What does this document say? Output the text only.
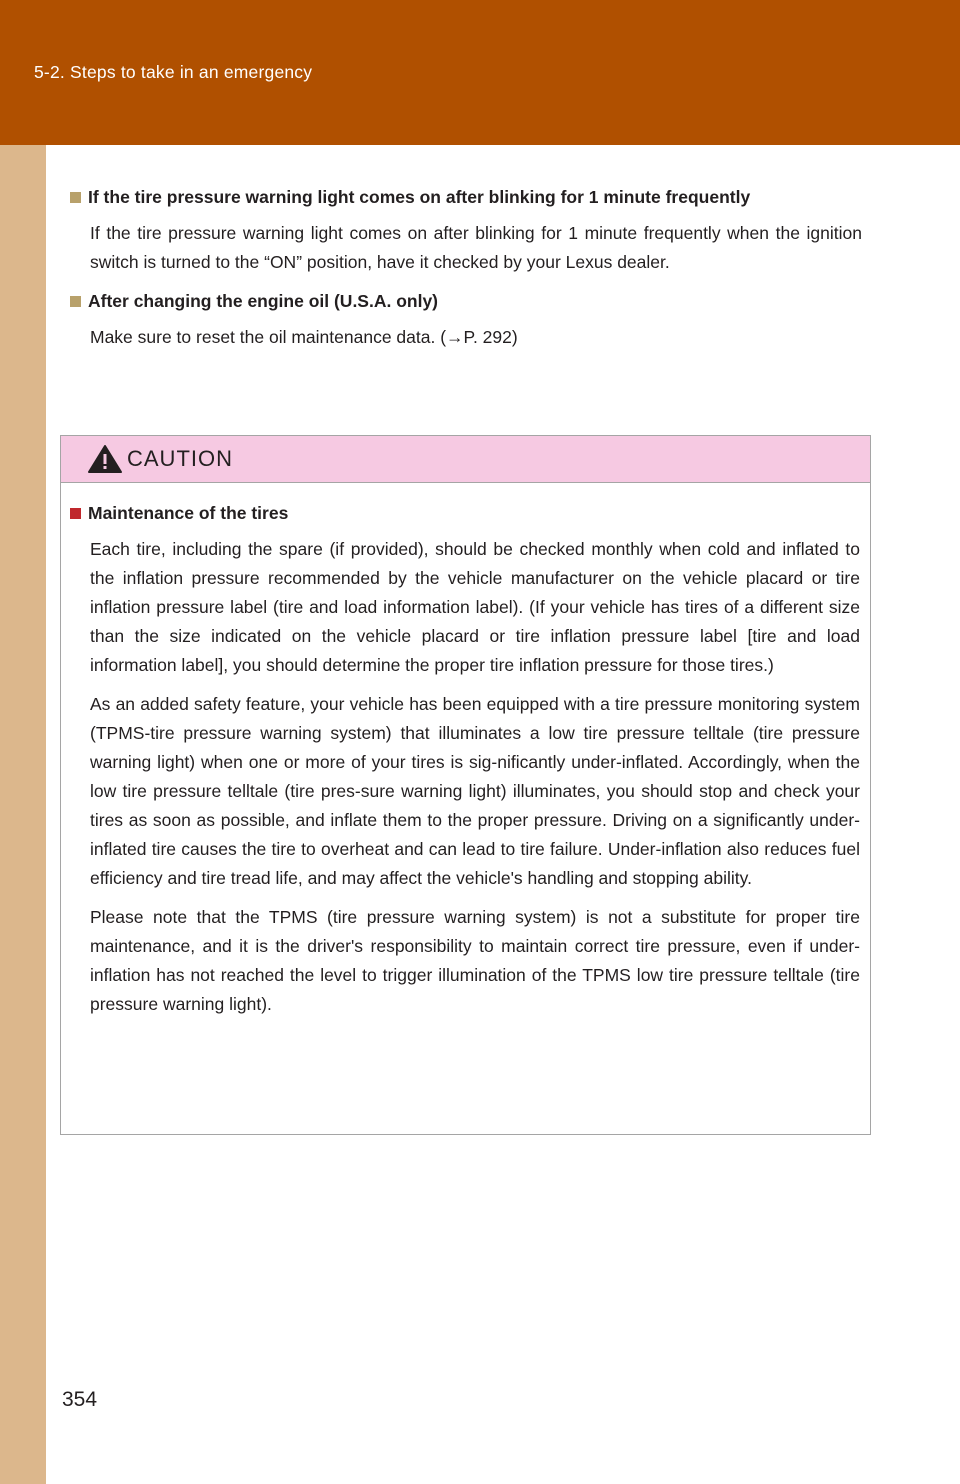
5-2. Steps to take in an emergency
If the tire pressure warning light comes on after blinking for 1 minute frequently
If the tire pressure warning light comes on after blinking for 1 minute frequently when the ignition switch is turned to the “ON” position, have it checked by your Lexus dealer.
After changing the engine oil (U.S.A. only)
Make sure to reset the oil maintenance data. (→P. 292)
CAUTION
Maintenance of the tires
Each tire, including the spare (if provided), should be checked monthly when cold and inflated to the inflation pressure recommended by the vehicle manufacturer on the vehicle placard or tire inflation pressure label (tire and load information label). (If your vehicle has tires of a different size than the size indicated on the vehicle placard or tire inflation pressure label [tire and load information label], you should determine the proper tire inflation pressure for those tires.)
As an added safety feature, your vehicle has been equipped with a tire pressure monitoring system (TPMS-tire pressure warning system) that illuminates a low tire pressure telltale (tire pressure warning light) when one or more of your tires is sig-nificantly under-inflated. Accordingly, when the low tire pressure telltale (tire pres-sure warning light) illuminates, you should stop and check your tires as soon as possible, and inflate them to the proper pressure. Driving on a significantly under-inflated tire causes the tire to overheat and can lead to tire failure. Under-inflation also reduces fuel efficiency and tire tread life, and may affect the vehicle's handling and stopping ability.
Please note that the TPMS (tire pressure warning system) is not a substitute for proper tire maintenance, and it is the driver's responsibility to maintain correct tire pressure, even if under-inflation has not reached the level to trigger illumination of the TPMS low tire pressure telltale (tire pressure warning light).
354
